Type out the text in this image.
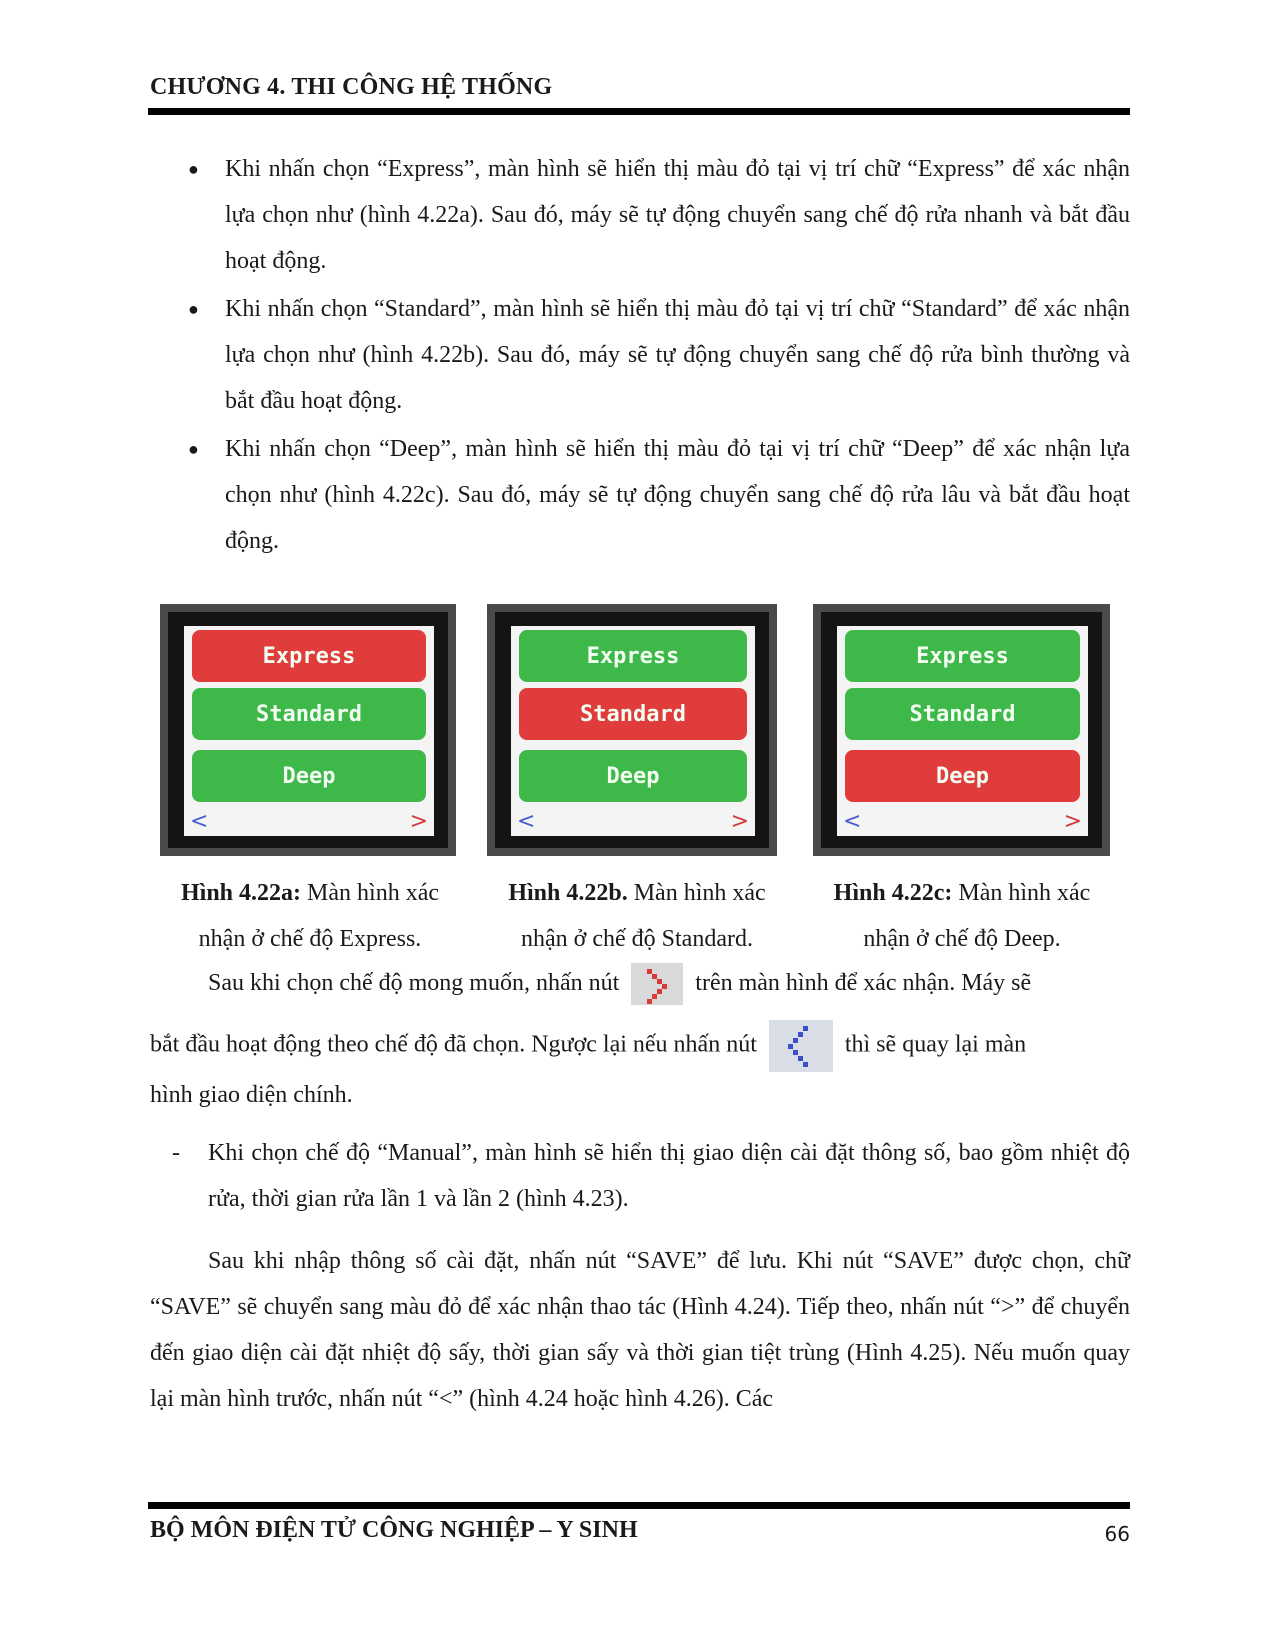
CHƯƠNG 4. THI CÔNG HỆ THỐNG
● Khi nhấn chọn “Express”, màn hình sẽ hiển thị màu đỏ tại vị trí chữ “Express” để xác nhận lựa chọn như (hình 4.22a). Sau đó, máy sẽ tự động chuyển sang chế độ rửa nhanh và bắt đầu hoạt động.
● Khi nhấn chọn “Standard”, màn hình sẽ hiển thị màu đỏ tại vị trí chữ “Standard” để xác nhận lựa chọn như (hình 4.22b). Sau đó, máy sẽ tự động chuyển sang chế độ rửa bình thường và bắt đầu hoạt động.
● Khi nhấn chọn “Deep”, màn hình sẽ hiển thị màu đỏ tại vị trí chữ “Deep” để xác nhận lựa chọn như (hình 4.22c). Sau đó, máy sẽ tự động chuyển sang chế độ rửa lâu và bắt đầu hoạt động.
Express
Standard
Deep
<	>
Express
Standard
Deep
<	>
Express
Standard
Deep
<	>
Hình 4.22a: Màn hình xác nhận ở chế độ Express.
Hình 4.22b. Màn hình xác nhận ở chế độ Standard.
Hình 4.22c: Màn hình xác nhận ở chế độ Deep.
Sau khi chọn chế độ mong muốn, nhấn nút	trên màn hình để xác nhận. Máy sẽ
bắt đầu hoạt động theo chế độ đã chọn. Ngược lại nếu nhấn nút	thì sẽ quay lại màn
hình giao diện chính.
-	Khi chọn chế độ “Manual”, màn hình sẽ hiển thị giao diện cài đặt thông số, bao gồm nhiệt độ rửa, thời gian rửa lần 1 và lần 2 (hình 4.23).
Sau khi nhập thông số cài đặt, nhấn nút “SAVE” để lưu. Khi nút “SAVE” được chọn, chữ “SAVE” sẽ chuyển sang màu đỏ để xác nhận thao tác (Hình 4.24). Tiếp theo, nhấn nút “>” để chuyển đến giao diện cài đặt nhiệt độ sấy, thời gian sấy và thời gian tiệt trùng (Hình 4.25). Nếu muốn quay lại màn hình trước, nhấn nút “<” (hình 4.24 hoặc hình 4.26). Các
BỘ MÔN ĐIỆN TỬ CÔNG NGHIỆP – Y SINH	66
